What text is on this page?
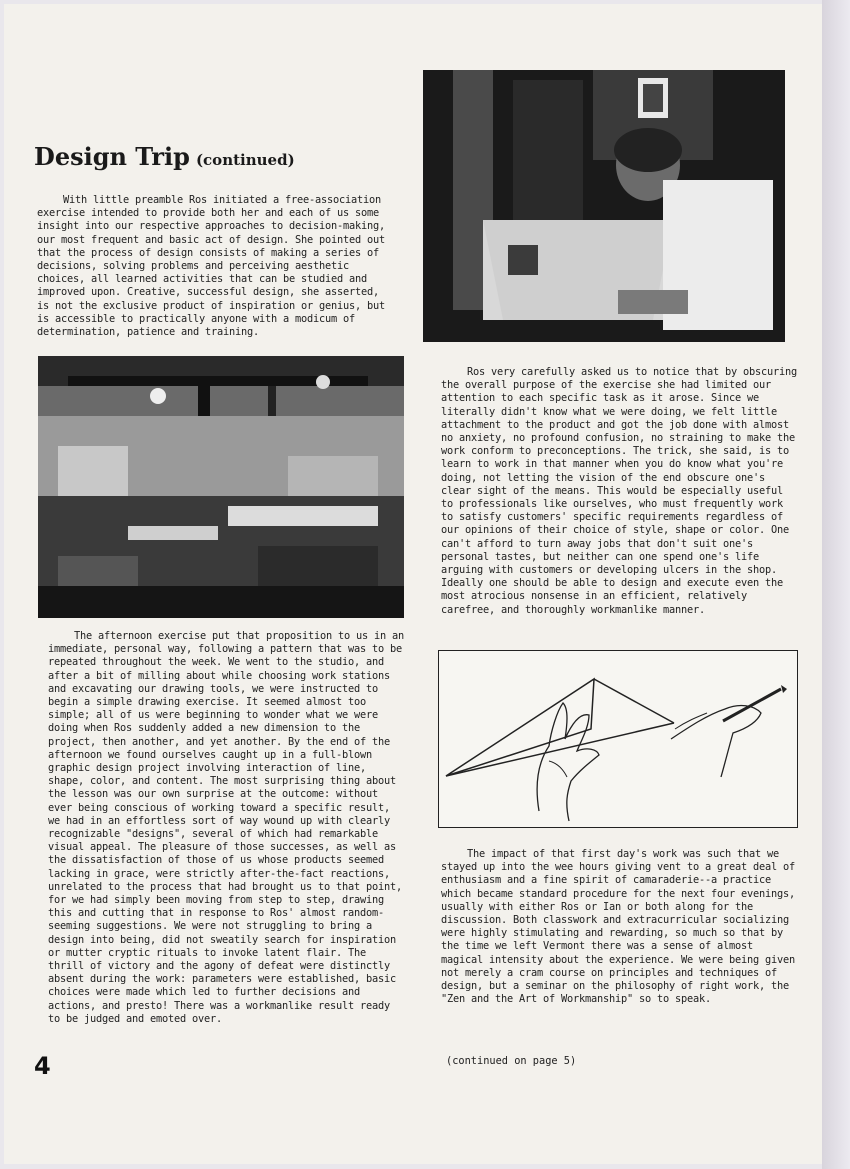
Design Trip (continued)

With little preamble Ros initiated a free-association exercise intended to provide both her and each of us some insight into our respective approaches to decision-making, our most frequent and basic act of design. She pointed out that the process of design consists of making a series of decisions, solving problems and perceiving aesthetic choices, all learned activities that can be studied and improved upon. Creative, successful design, she asserted, is not the exclusive product of inspiration or genius, but is accessible to practically anyone with a modicum of determination, patience and training.

The afternoon exercise put that proposition to us in an immediate, personal way, following a pattern that was to be repeated throughout the week. We went to the studio, and after a bit of milling about while choosing work stations and excavating our drawing tools, we were instructed to begin a simple drawing exercise. It seemed almost too simple; all of us were beginning to wonder what we were doing when Ros suddenly added a new dimension to the project, then another, and yet another. By the end of the afternoon we found ourselves caught up in a full-blown graphic design project involving interaction of line, shape, color, and content. The most surprising thing about the lesson was our own surprise at the outcome: without ever being conscious of working toward a specific result, we had in an effortless sort of way wound up with clearly recognizable "designs", several of which had remarkable visual appeal. The pleasure of those successes, as well as the dissatisfaction of those of us whose products seemed lacking in grace, were strictly after-the-fact reactions, unrelated to the process that had brought us to that point, for we had simply been moving from step to step, drawing this and cutting that in response to Ros' almost random-seeming suggestions. We were not struggling to bring a design into being, did not sweatily search for inspiration or mutter cryptic rituals to invoke latent flair. The thrill of victory and the agony of defeat were distinctly absent during the work: parameters were established, basic choices were made which led to further decisions and actions, and presto! There was a workmanlike result ready to be judged and emoted over.

4

Ros very carefully asked us to notice that by obscuring the overall purpose of the exercise she had limited our attention to each specific task as it arose. Since we literally didn't know what we were doing, we felt little attachment to the product and got the job done with almost no anxiety, no profound confusion, no straining to make the work conform to preconceptions. The trick, she said, is to learn to work in that manner when you do know what you're doing, not letting the vision of the end obscure one's clear sight of the means. This would be especially useful to professionals like ourselves, who must frequently work to satisfy customers' specific requirements regardless of our opinions of their choice of style, shape or color. One can't afford to turn away jobs that don't suit one's personal tastes, but neither can one spend one's life arguing with customers or developing ulcers in the shop. Ideally one should be able to design and execute even the most atrocious nonsense in an efficient, relatively carefree, and thoroughly workmanlike manner.

The impact of that first day's work was such that we stayed up into the wee hours giving vent to a great deal of enthusiasm and a fine spirit of camaraderie--a practice which became standard procedure for the next four evenings, usually with either Ros or Ian or both along for the discussion. Both classwork and extracurricular socializing were highly stimulating and rewarding, so much so that by the time we left Vermont there was a sense of almost magical intensity about the experience. We were being given not merely a cram course on principles and techniques of design, but a seminar on the philosophy of right work, the "Zen and the Art of Workmanship" so to speak.

(continued on page 5)
